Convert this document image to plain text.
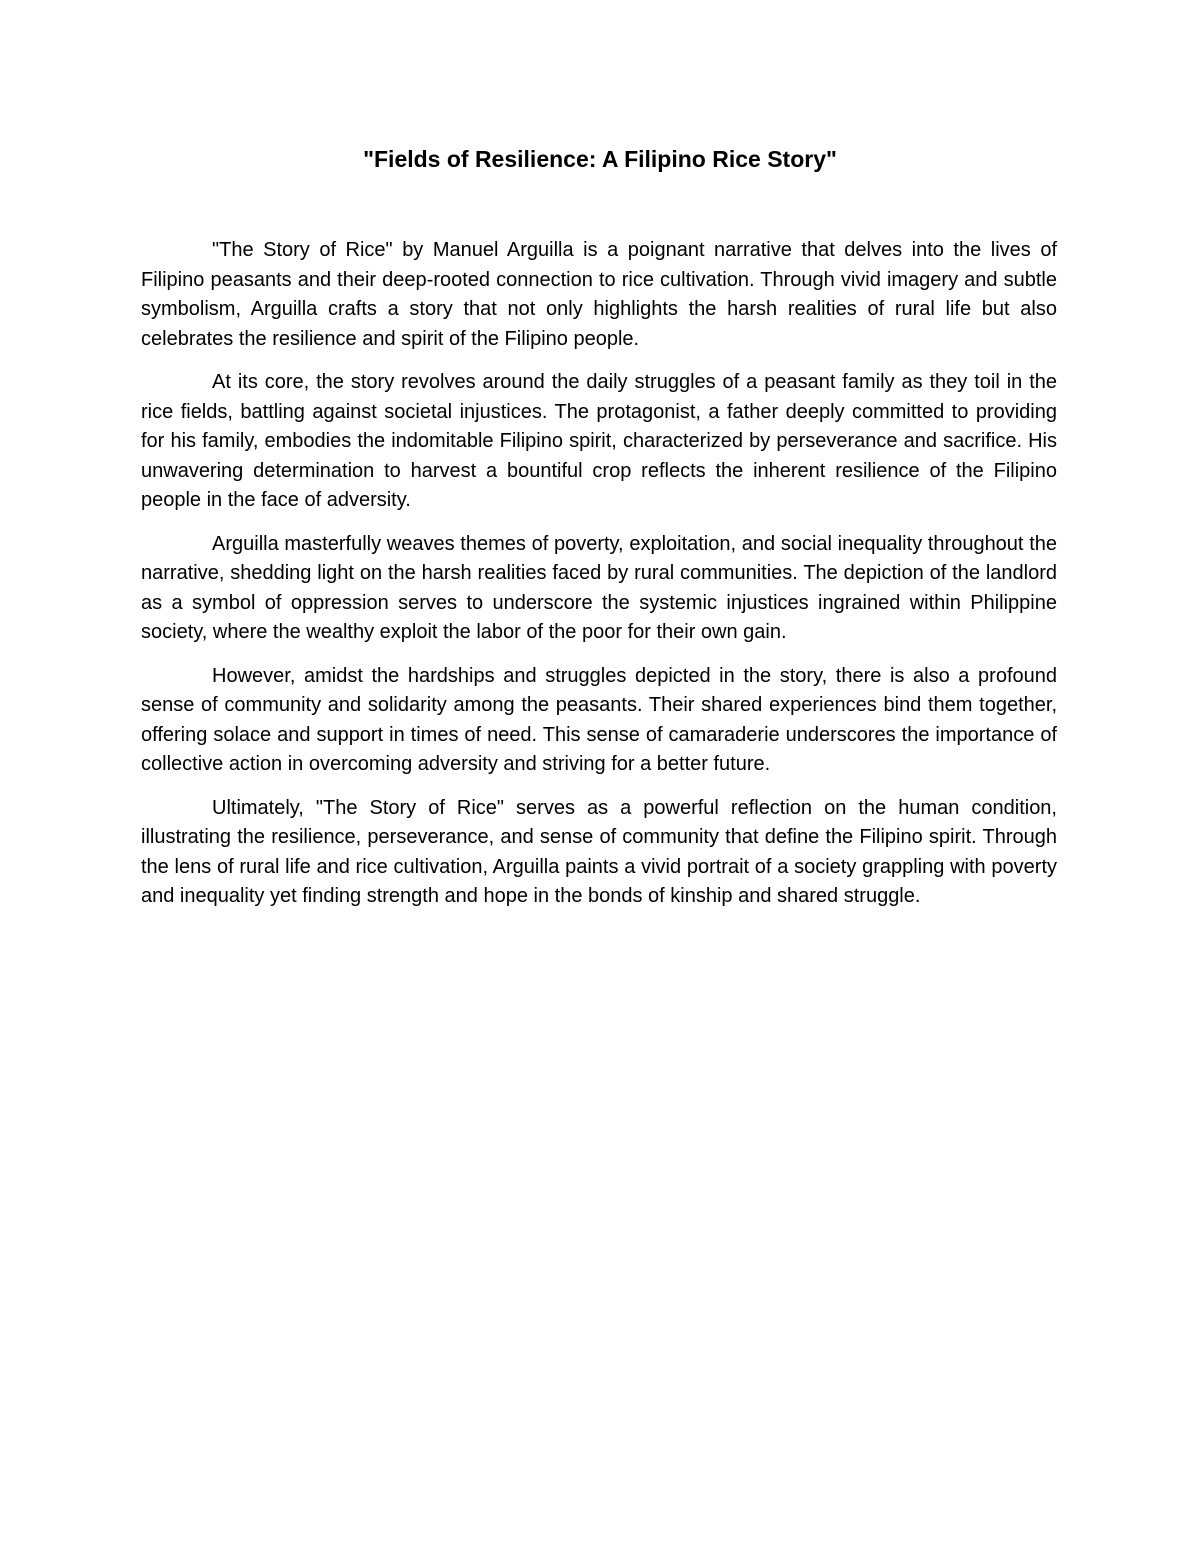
"Fields of Resilience: A Filipino Rice Story"

"The Story of Rice" by Manuel Arguilla is a poignant narrative that delves into the lives of Filipino peasants and their deep-rooted connection to rice cultivation. Through vivid imagery and subtle symbolism, Arguilla crafts a story that not only highlights the harsh realities of rural life but also celebrates the resilience and spirit of the Filipino people.

At its core, the story revolves around the daily struggles of a peasant family as they toil in the rice fields, battling against societal injustices. The protagonist, a father deeply committed to providing for his family, embodies the indomitable Filipino spirit, characterized by perseverance and sacrifice. His unwavering determination to harvest a bountiful crop reflects the inherent resilience of the Filipino people in the face of adversity.

Arguilla masterfully weaves themes of poverty, exploitation, and social inequality throughout the narrative, shedding light on the harsh realities faced by rural communities. The depiction of the landlord as a symbol of oppression serves to underscore the systemic injustices ingrained within Philippine society, where the wealthy exploit the labor of the poor for their own gain.

However, amidst the hardships and struggles depicted in the story, there is also a profound sense of community and solidarity among the peasants. Their shared experiences bind them together, offering solace and support in times of need. This sense of camaraderie underscores the importance of collective action in overcoming adversity and striving for a better future.

Ultimately, "The Story of Rice" serves as a powerful reflection on the human condition, illustrating the resilience, perseverance, and sense of community that define the Filipino spirit. Through the lens of rural life and rice cultivation, Arguilla paints a vivid portrait of a society grappling with poverty and inequality yet finding strength and hope in the bonds of kinship and shared struggle.
